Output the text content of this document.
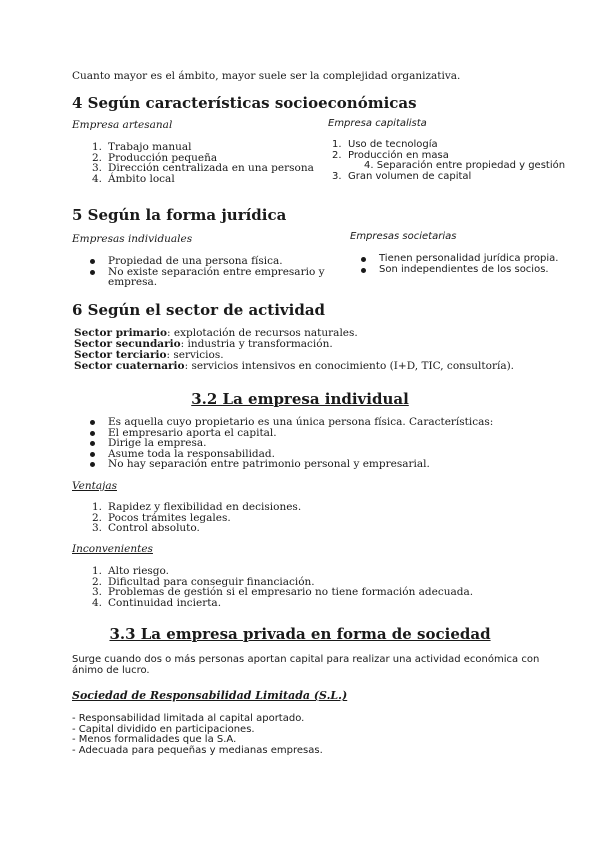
Cuanto mayor es el ámbito, mayor suele ser la complejidad organizativa.
4 Según características socioeconómicas
Empresa artesanal
1. Trabajo manual
2. Producción pequeña
3. Dirección centralizada en una persona
4. Ámbito local
Empresa capitalista
1. Uso de tecnología
2. Producción en masa
4. Separación entre propiedad y gestión
3. Gran volumen de capital
5 Según la forma jurídica
Empresas individuales
Propiedad de una persona física.
No existe separación entre empresario y empresa.
Empresas societarias
Tienen personalidad jurídica propia.
Son independientes de los socios.
6 Según el sector de actividad
Sector primario: explotación de recursos naturales.
Sector secundario: industria y transformación.
Sector terciario: servicios.
Sector cuaternario: servicios intensivos en conocimiento (I+D, TIC, consultoría).
3.2 La empresa individual
Es aquella cuyo propietario es una única persona física. Características:
El empresario aporta el capital.
Dirige la empresa.
Asume toda la responsabilidad.
No hay separación entre patrimonio personal y empresarial.
Ventajas
1. Rapidez y flexibilidad en decisiones.
2. Pocos trámites legales.
3. Control absoluto.
Inconvenientes
1. Alto riesgo.
2. Dificultad para conseguir financiación.
3. Problemas de gestión si el empresario no tiene formación adecuada.
4. Continuidad incierta.
3.3 La empresa privada en forma de sociedad
Surge cuando dos o más personas aportan capital para realizar una actividad económica con ánimo de lucro.
Sociedad de Responsabilidad Limitada (S.L.)
- Responsabilidad limitada al capital aportado.
- Capital dividido en participaciones.
- Menos formalidades que la S.A.
- Adecuada para pequeñas y medianas empresas.
